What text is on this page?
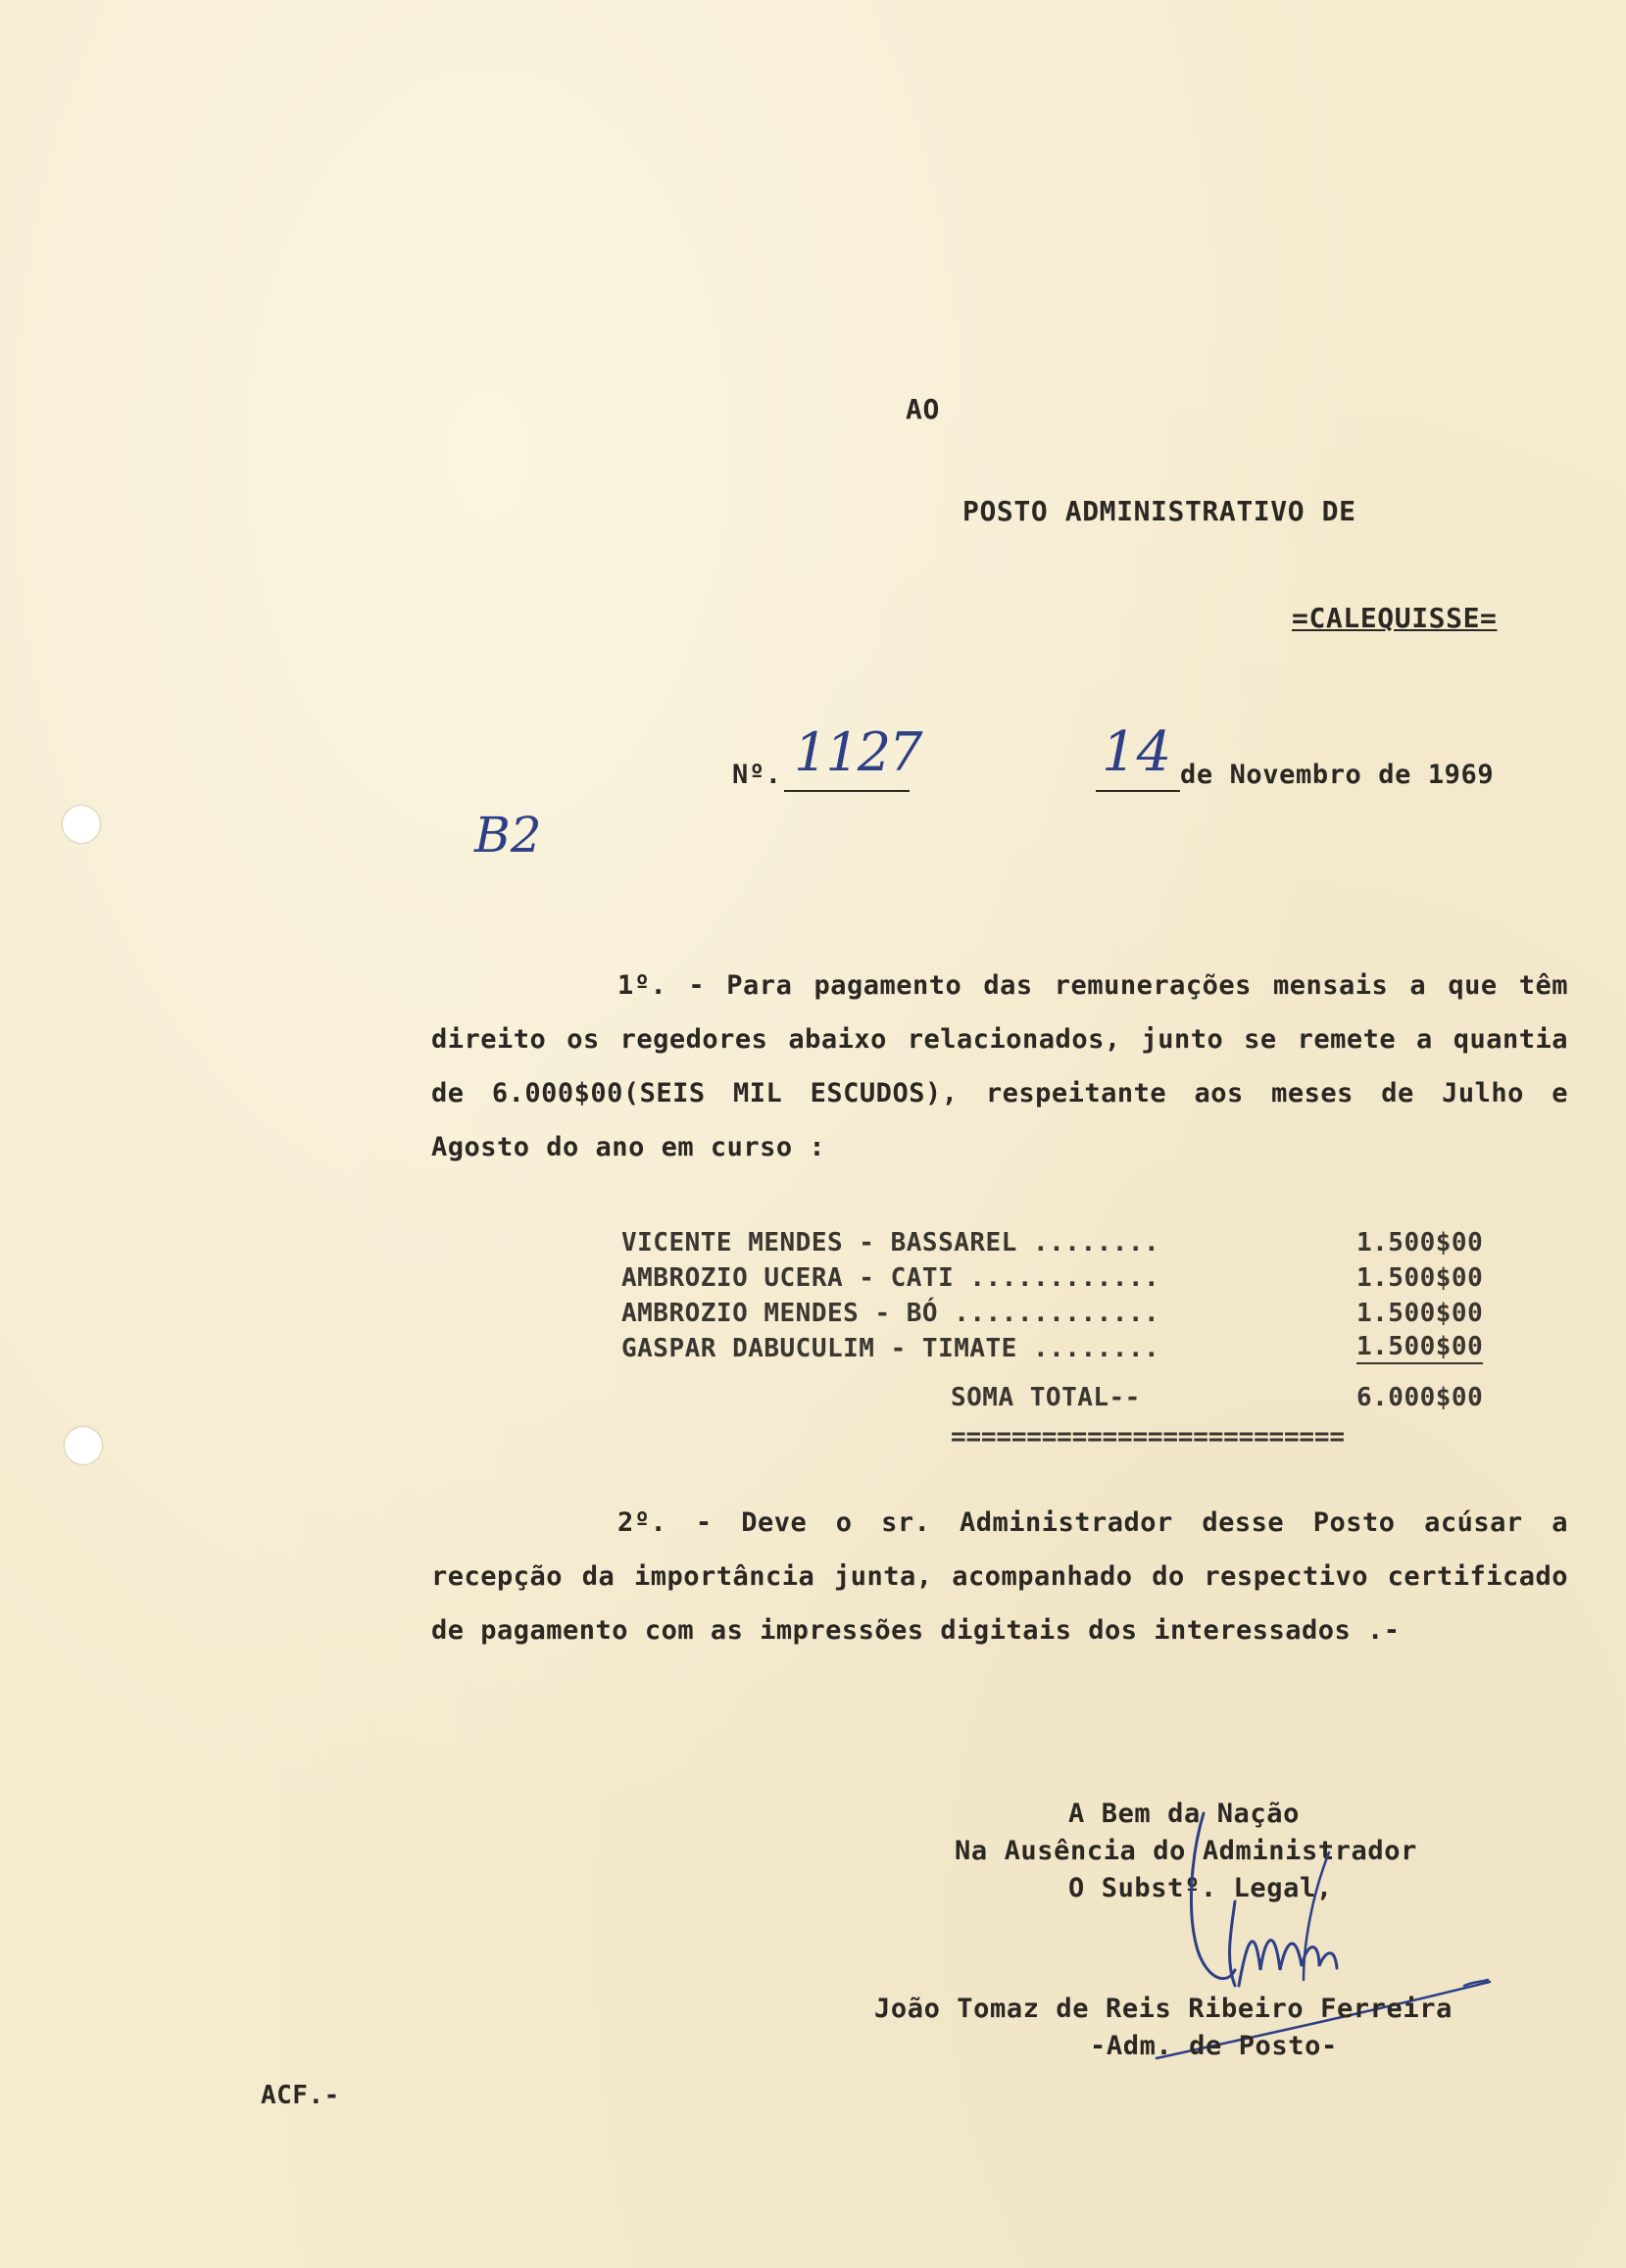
AO
POSTO ADMINISTRATIVO DE
=CALEQUISSE=
Nº. 1127	14 de Novembro de 1969
B2
1º. - Para pagamento das remunerações mensais a que têm direito os regedores abaixo relacionados, junto se remete a quantia de 6.000$00(SEIS MIL ESCUDOS), respeitante aos meses de Julho e Agosto do ano em curso :
VICENTE MENDES - BASSAREL ........	1.500$00
AMBROZIO UCERA - CATI ............	1.500$00
AMBROZIO MENDES - BÓ .............	1.500$00
GASPAR DABUCULIM - TIMATE ........	1.500$00
SOMA TOTAL--	6.000$00
==========================
2º. - Deve o sr. Administrador desse Posto acúsar a recepção da importância junta, acompanhado do respectivo certificado de pagamento com as impressões digitais dos interessados .-
A Bem da Nação
Na Ausência do Administrador
O Substº. Legal,
João Tomaz de Reis Ribeiro Ferreira
-Adm. de Posto-
ACF.-
